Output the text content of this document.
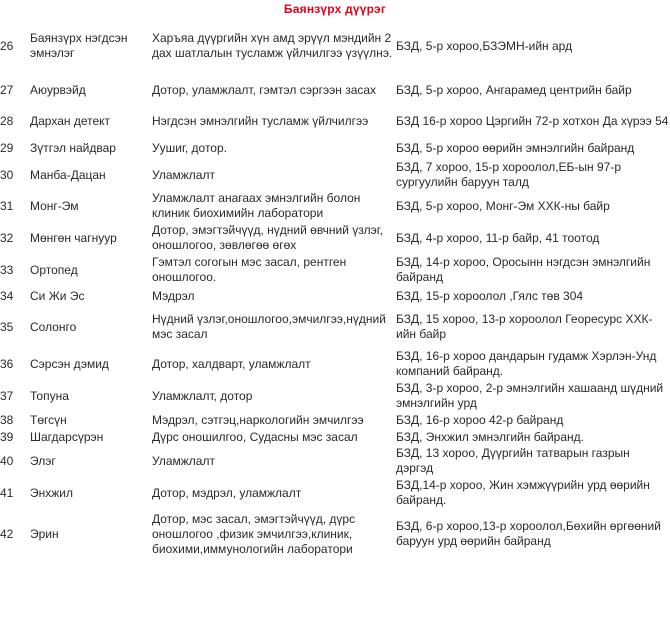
Баянзүрх дүүрэг
26	Баянзүрх нэгдсэн эмнэлэг	Харъяа дүүргийн хүн амд эрүүл мэндийн 2 дах шатлалын тусламж үйлчилгээ үзүүлнэ.	БЗД, 5-р хороо,БЗЭМН-ийн ард
27	Аюурвэйд	Дотор, уламжлалт, гэмтэл сэргээн засах	БЗД, 5-р хороо, Ангарамед центрийн байр
28	Дархан детект	Нэгдсэн эмнэлгийн тусламж үйлчилгээ	БЗД 16-р хороо Цэргийн 72-р хотхон Да хүрээ 54
29	Зүтгэл найдвар	Уушиг, дотор.	БЗД, 5-р хороо өөрийн эмнэлгийн байранд
30	Манба-Дацан	Уламжлалт	БЗД, 7 хороо, 15-р хороолол,ЕБ-ын 97-р сургуулийн баруун талд
31	Монг-Эм	Уламжлалт анагаах эмнэлгийн болон клиник биохимийн лаборатори	БЗД, 5-р хороо, Монг-Эм ХХК-ны байр
32	Мөнгөн чагнуур	Дотор, эмэгтэйчүүд, нүдний өвчний үзлэг, оношлогоо, зөвлөгөө өгөх	БЗД, 4-р хороо, 11-р байр, 41 тоотод
33	Ортопед	Гэмтэл согогын мэс засал, рентген оношлогоо.	БЗД, 14-р хороо, Оросынн нэгдсэн эмнэлгийн байранд
34	Си Жи Эс	Мэдрэл	БЗД, 15-р хороолол ,Гялс төв 304
35	Солонго	Нүдний үзлэг,оношлогоо,эмчилгээ,нүдний мэс засал	БЗД, 15 хороо, 13-р хороолол Георесурс ХХК-ийн байр
36	Сэрсэн дэмид	Дотор, халдварт, уламжлалт	БЗД, 16-р хороо дандарын гудамж Хэрлэн-Унд компаний байранд.
37	Топуна	Уламжлалт, дотор	БЗД, 3-р хороо, 2-р эмнэлгийн хашаанд шүдний эмнэлгийн урд
38	Төгсүн	Мэдрэл, сэтгэц,наркологийн эмчилгээ	БЗД, 16-р хороо 42-р байранд
39	Шагдарсүрэн	Дүрс оношилгоо, Судасны мэс засал	БЗД, Энхжил эмнэлгийн байранд.
40	Элэг	Уламжлалт	БЗД, 13 хороо, Дүүргийн татварын газрын дэргэд
41	Энхжил	Дотор, мэдрэл, уламжлалт	БЗД,14-р хороо, Жин хэмжүүрийн урд өөрийн байранд.
42	Эрин	Дотор, мэс засал, эмэгтэйчүүд, дүрс оношлогоо ,физик эмчилгээ,клиник, биохими,иммунологийн лаборатори	БЗД, 6-р хороо,13-р хороолол,Бөхийн өргөөний баруун урд өөрийн байранд
